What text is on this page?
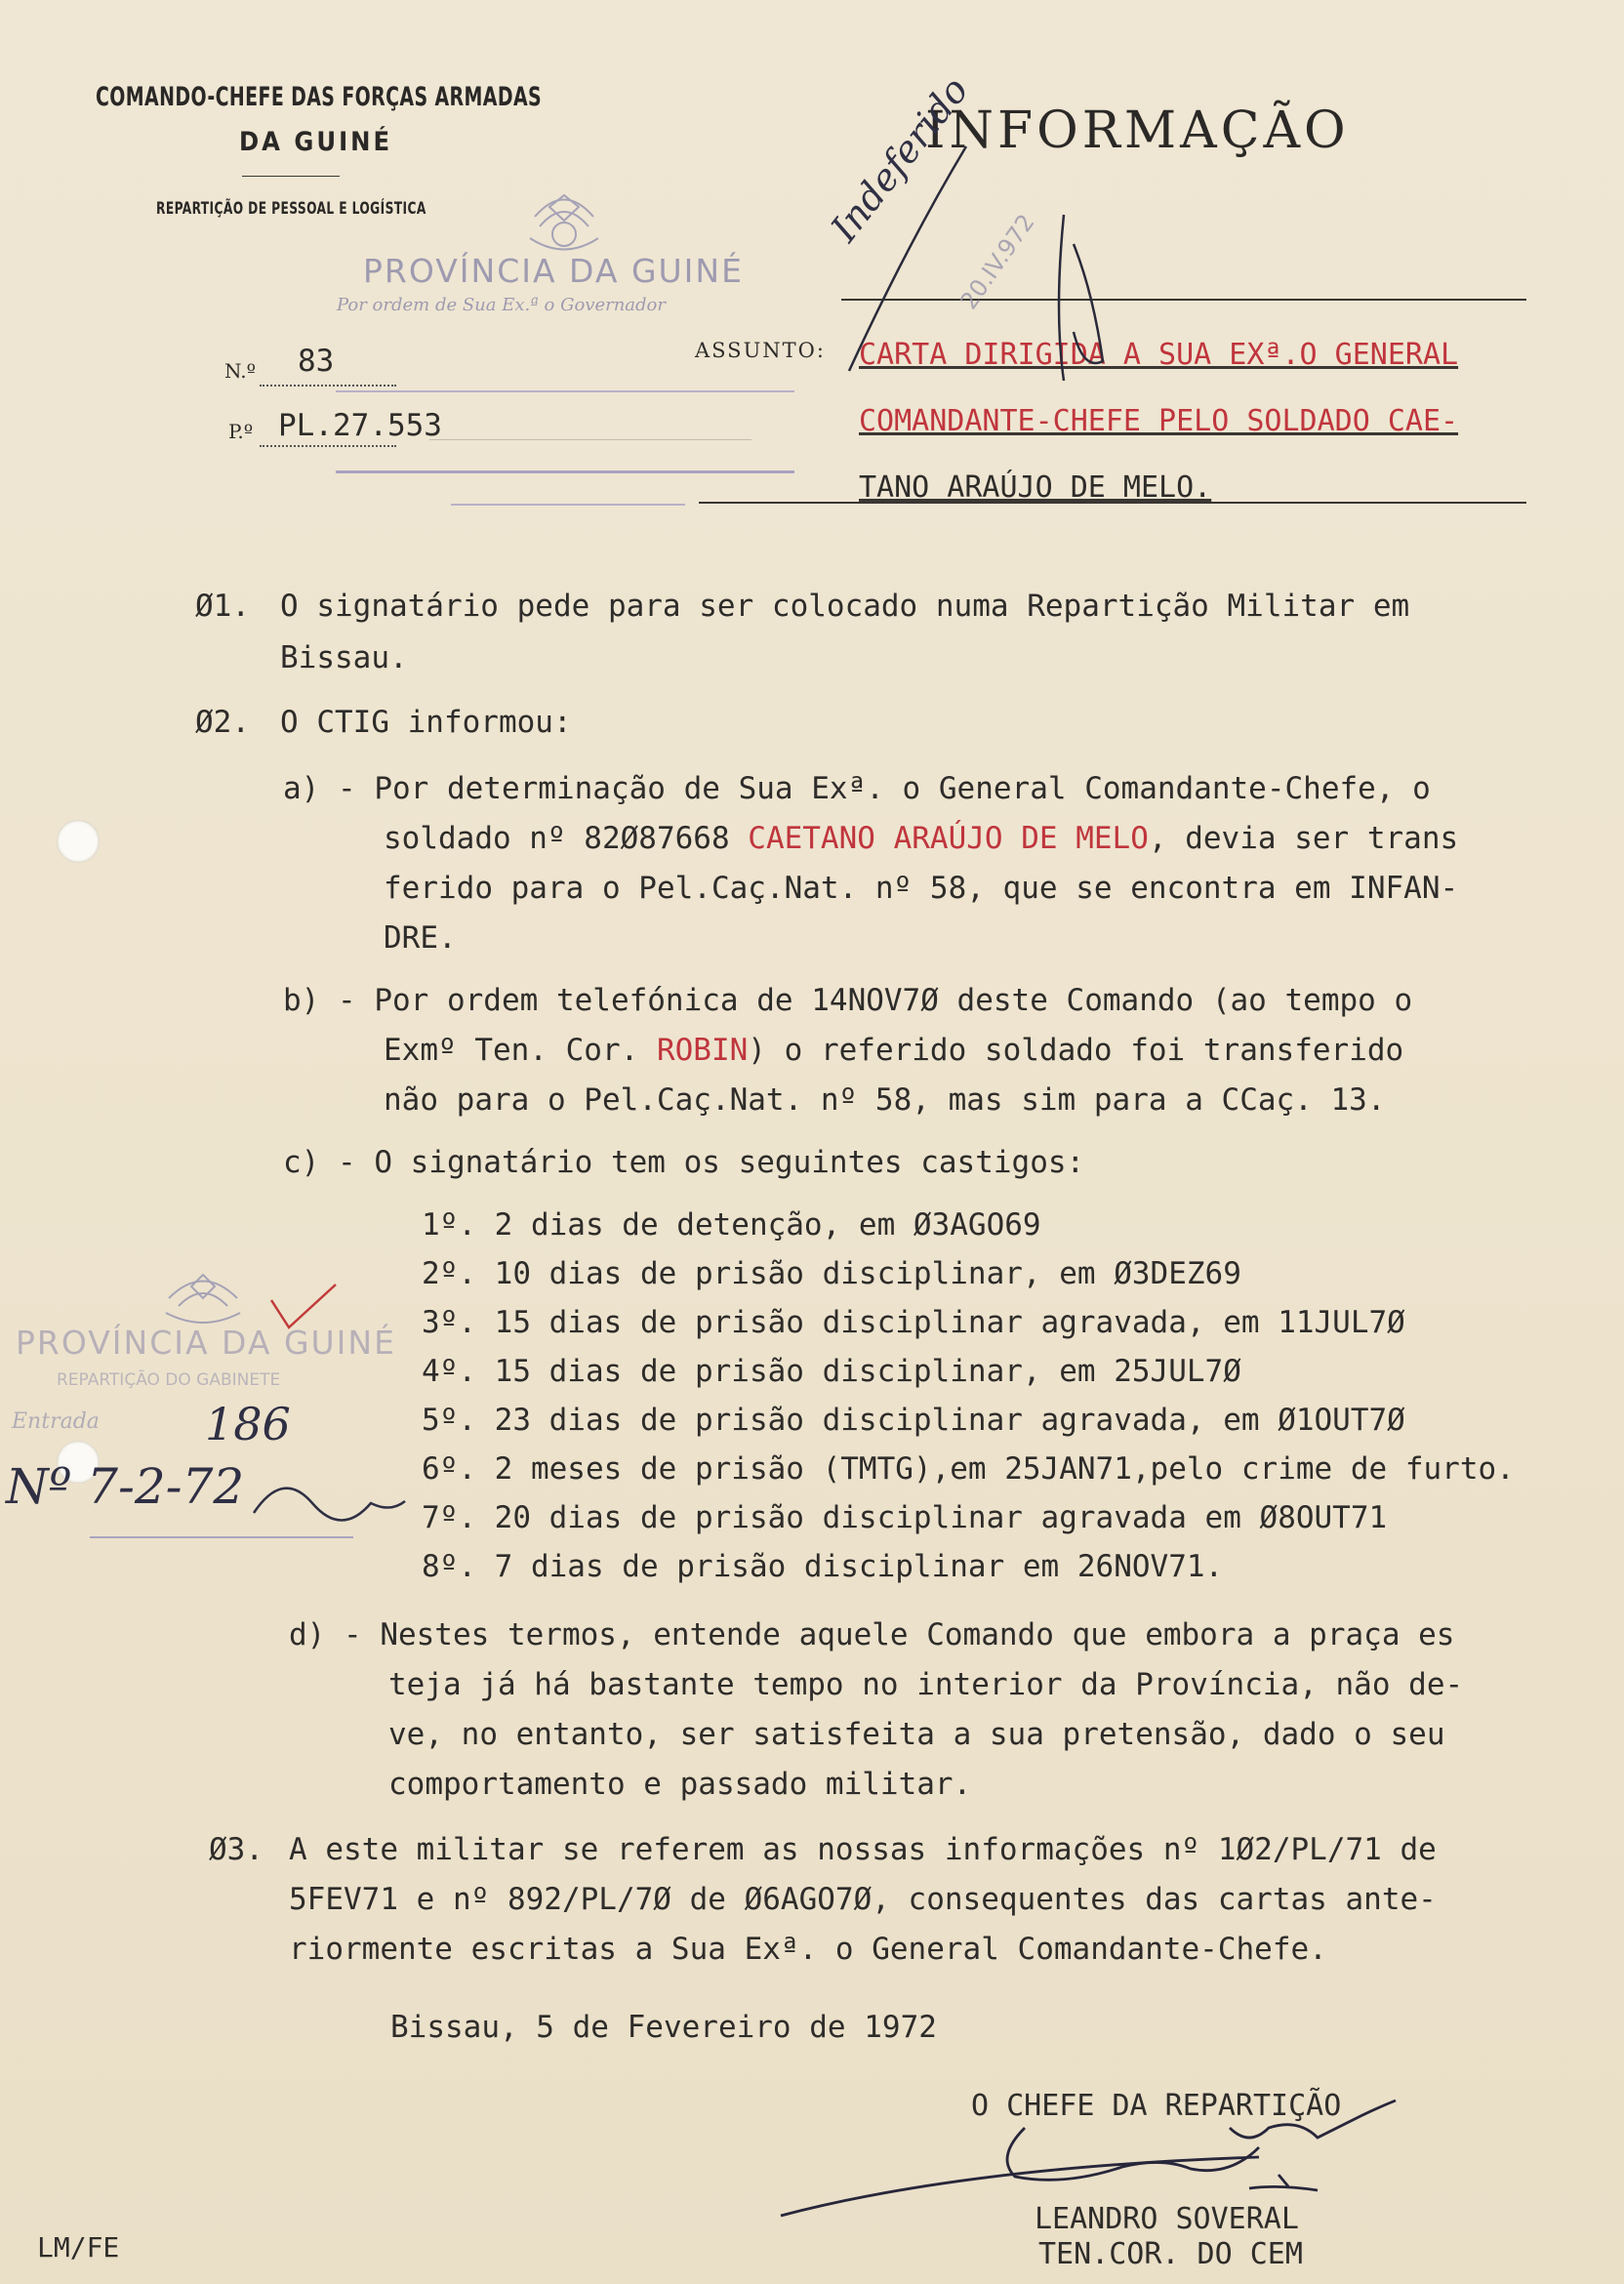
COMANDO-CHEFE DAS FORÇAS ARMADAS
DA GUINÉ
REPARTIÇÃO DE PESSOAL E LOGÍSTICA
PROVÍNCIA DA GUINÉ
Por ordem de Sua Ex.ª o Governador
INFORMAÇÃO
N.º 83
P.º PL.27.553
ASSUNTO: CARTA DIRIGIDA A SUA EXª.O GENERAL
COMANDANTE-CHEFE PELO SOLDADO CAE-
TANO ARAÚJO DE MELO.
Indeferido
20.IV.972
Ø1. O signatário pede para ser colocado numa Repartição Militar em
Bissau.
Ø2. O CTIG informou:
a) - Por determinação de Sua Exª. o General Comandante-Chefe, o
soldado nº 82Ø87668 CAETANO ARAÚJO DE MELO, devia ser trans
ferido para o Pel.Caç.Nat. nº 58, que se encontra em INFAN-
DRE.
b) - Por ordem telefónica de 14NOV7Ø deste Comando (ao tempo o
Exmº Ten. Cor. ROBIN) o referido soldado foi transferido
não para o Pel.Caç.Nat. nº 58, mas sim para a CCaç. 13.
c) - O signatário tem os seguintes castigos:
1º. 2 dias de detenção, em Ø3AGO69
2º. 10 dias de prisão disciplinar, em Ø3DEZ69
3º. 15 dias de prisão disciplinar agravada, em 11JUL7Ø
4º. 15 dias de prisão disciplinar, em 25JUL7Ø
5º. 23 dias de prisão disciplinar agravada, em Ø1OUT7Ø
6º. 2 meses de prisão (TMTG),em 25JAN71,pelo crime de furto.
7º. 20 dias de prisão disciplinar agravada em Ø8OUT71
8º. 7 dias de prisão disciplinar em 26NOV71.
d) - Nestes termos, entende aquele Comando que embora a praça es
teja já há bastante tempo no interior da Província, não de-
ve, no entanto, ser satisfeita a sua pretensão, dado o seu
comportamento e passado militar.
Ø3. A este militar se referem as nossas informações nº 1Ø2/PL/71 de
5FEV71 e nº 892/PL/7Ø de Ø6AGO7Ø, consequentes das cartas ante-
riormente escritas a Sua Exª. o General Comandante-Chefe.
Bissau, 5 de Fevereiro de 1972
PROVÍNCIA DA GUINÉ
REPARTIÇÃO DO GABINETE
Entrada 186
Nº 7-2-72
O CHEFE DA REPARTIÇÃO
LEANDRO SOVERAL
TEN.COR. DO CEM
LM/FE
